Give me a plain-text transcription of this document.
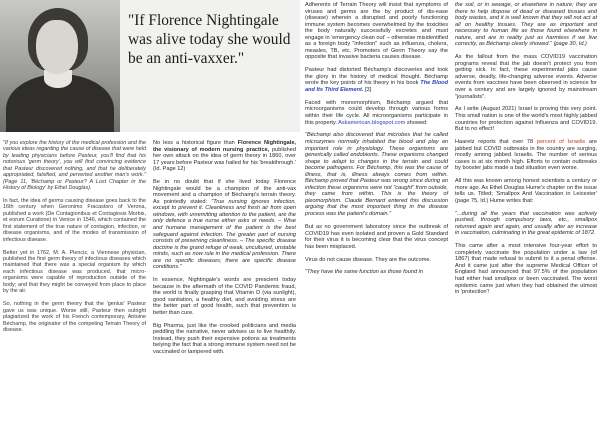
"If Florence Nightingale was alive today she would be an anti-vaxxer."

"If you explore the history of the medical profession and the various ideas regarding the cause of disease that were held by leading physicians before Pasteur, you'll find that his notorious 'germ theory', you will find convincing evidence that Pasteur discovered nothing, and that he deliberately appropriated, falsified, and perverted another man's work." (Page 11, 'Béchamp or Pasteur? A Lost Chapter in the History of Biology' by Ethel Douglas).

In fact, the idea of germs causing disease goes back to the 16th century when Geronimo Fracastoro of Verona, published a work (De Contagionibus et Contagiosis Morbis, et eorum Curatione) in Venice in 1546, which contained the first statement of the true nature of contagion, infection, or disease organisms, and of the modes of transmission of infectious disease.

Better yet in 1762, M. A. Plenciz, a Viennese physician, published the first germ theory of infectious diseases which maintained that there was a special organism by which each infectious disease was produced, that micro-organisms were capable of reproduction outside of the body; and that they might be conveyed from place to place by the air.

So, nothing in the germ theory that the 'genius' Pasteur gave us was unique. Worse still, Pasteur then outright plagiarized the work of his French contemporary, Antoine Béchamp, the originator of the competing Terrain Theory of disease.

No less a historical figure than Florence Nightingale, the visionary of modern nursing practice, published her own attack on the idea of germ theory in 1860, over 17 years before Pasteur was hailed for his 'breakthrough.' (Id. Page 12)

Be in no doubt that if she lived today Florence Nightingale would be a champion of the anti-vax movement and a champion of Béchamp's terrain theory. As pointedly stated: "True nursing ignores infection, except to prevent it. Cleanliness and fresh air from open windows, with unremitting attention to the patient, are the only defence a true nurse either asks or needs. – Wise and humane management of the patient is the best safeguard against infection. The greater part of nursing consists of preserving cleanliness. – The specific disease doctrine is the grand refuge of weak, uncultured, unstable minds, such as now rule in the medical profession. There are no specific diseases; there are specific disease conditions."

In essence, Nightingale's words are prescient today because in the aftermath of the COVID Pandemic fraud, the world is finally grasping that Vitamin D (via sunlight), good sanitation, a healthy diet, and avoiding stress are the better part of good health, such that prevention is better than cure.

Big Pharma, just like the crooked politicians and media peddling the narrative, never advises us to live healthily. Instead, they push their expensive potions as treatments belying the fact that a strong immune system need not be vaccinated or tampered with.

Adherents of Terrain Theory will insist that symptoms of viruses and germs are the by product of dis-ease (disease) wherein a disrupted and poorly functioning immune system becomes overwhelmed by the toxicities the body naturally successfully excretes and must engage in 'emergency clean out' – otherwise misidentified as a foreign body "infection" such as influenza, cholera, measles, TB, etc. Promoters of Germ Theory say the opposite that invasive bacteria causes disease.

Pasteur had distorted Béchamp's discoveries and took the glory in the history of medical thought. Béchamp wrote the key points of his theory in his book The Blood and Its Third Element. [3]

Faced with monomorphism, Béchamp argued that microorganisms could develop through various forms within their life cycle. All microorganisms participate in this property. Askamerican.blogspot.com showed:

"Béchamp also discovered that microbes that he called microzymes normally inhabited the blood and play an important role in physiology. These organisms are generically called endobionts. These organisms changed shape to adapt to changes in the terrain and could become pathogens. For Béchamp, this was the cause of illness, that is, illness always comes from within. Béchamp proved that Pasteur was wrong since during an infection these organisms were not "caught" from outside, they came from within. This is the theory of pleomorphism. Claude Bernard entered this discussion arguing that the most important thing in the disease process was the patient's domain."

But as no government laboratory since the outbreak of COVID19 has even isolated and proven a Gold Standard for their virus it is becoming clear that the virus concept has been misplaced.

Virus do not cause disease. They are the outcome.

"They have the same function as those found in

the soil, or in sewage, or elsewhere in nature; they are there to help dispose of dead or diseased tissues and body wastes, and it is well known that they will not act at all on healthy tissues. They are as important and necessary to human life as those found elsewhere in nature, and are in reality just as harmless if we live correctly, as Béchamp clearly showed." (page 30, Id.)

As the fallout from the mass COVID19 vaccination programs reveal that the jab doesn't protect you from getting sick. In fact, these experimental jabs cause adverse, deadly, life-changing adverse events. Adverse events from vaccines have been observed in science for over a century and are largely ignored by mainstream "journalists".

As I write (August 2021) Israel is proving this very point. This small nation is one of the world's most highly jabbed countries for protection against Influenza and COVID19. But to no effect!

Haaretz reports that over 78 percent of Israelis are jabbed but COVID outbreaks in the country are surging, mostly among jabbed Israelis. The number of serious cases is at six month high. Efforts to contain outbreaks by booster jabs made a bad situation even worse.

All this was known among honest scientists a century or more ago. As Ethel Douglas Hume's chapter on the issue tells us. Titled; 'Smallpox And Vaccination in Leicester' (page 75, Id.) Hume writes that:

"...during all the years that vaccination was actively pushed, through compulsory laws, etc., smallpox returned again and again, and usually after an increase in vaccination, culminating in the great epidemic of 1872.

This came after a most intensive four-year effort to completely vaccinate the population under a law (of 1867) that made refusal to submit to it a penal offense. And it came just after the supreme Medical Officer of England had announced that 97.5% of the population had either had smallpox or been vaccinated. The worst epidemic came just when they had obtained the utmost in 'protection'!
